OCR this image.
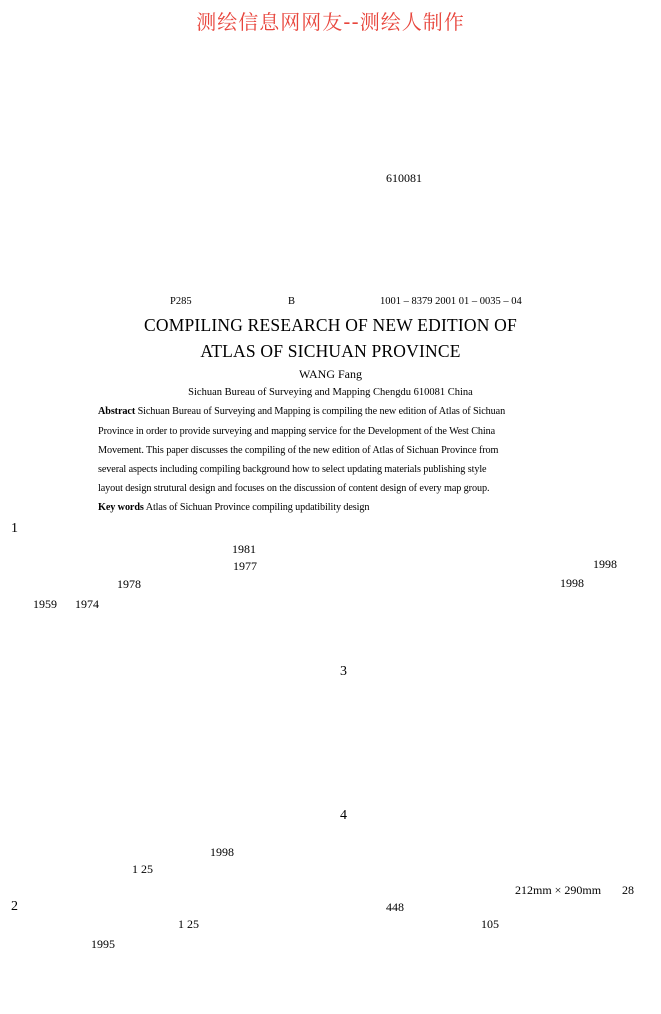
测绘信息网网友--测绘人制作
610081
P285	B	1001 – 8379 2001 01 – 0035 – 04
COMPILING RESEARCH OF NEW EDITION OF
ATLAS OF SICHUAN PROVINCE
WANG Fang
Sichuan Bureau of Surveying and Mapping Chengdu 610081 China
Abstract Sichuan Bureau of Surveying and Mapping is compiling the new edition of Atlas of Sichuan
Province in order to provide surveying and mapping service for the Development of the West China
Movement. This paper discusses the compiling of the new edition of Atlas of Sichuan Province from
several aspects including compiling background how to select updating materials publishing style
layout design strutural design and focuses on the discussion of content design of every map group.
Key words Atlas of Sichuan Province compiling updatibility design
1
1981
1977	1998
1978	1998
1959 1974
3
4
1998
1 25
212mm × 290mm 28
2	448
1 25	105
1995
